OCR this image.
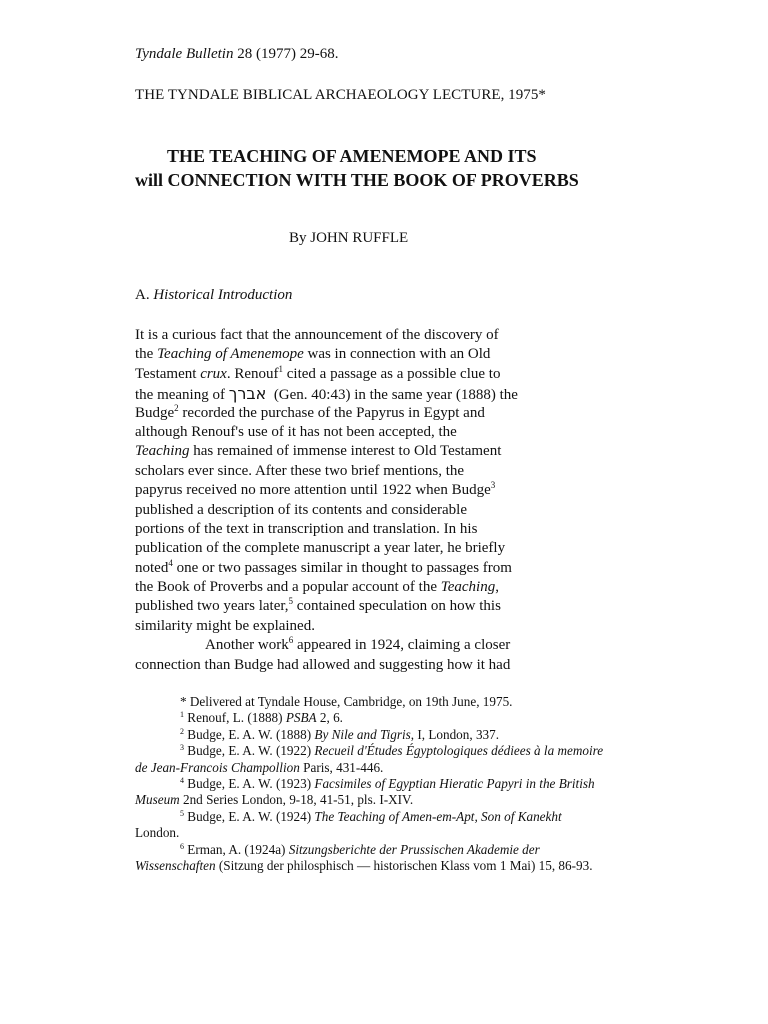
Tyndale Bulletin 28 (1977) 29-68.
THE TYNDALE BIBLICAL ARCHAEOLOGY LECTURE, 1975*
THE TEACHING OF AMENEMOPE AND ITS
will CONNECTION WITH THE BOOK OF PROVERBS
By JOHN RUFFLE
A. Historical Introduction
It is a curious fact that the announcement of the discovery of
the Teaching of Amenemope was in connection with an Old
Testament crux. Renouf$^1$ cited a passage as a possible clue to
the meaning of אברך  (Gen. 40:43) in the same year (1888) the
Budge$^2$ recorded the purchase of the Papyrus in Egypt and
although Renouf's use of it has not been accepted, the
Teaching has remained of immense interest to Old Testament
scholars ever since. After these two brief mentions, the
papyrus received no more attention until 1922 when Budge$^3$
published a description of its contents and considerable
portions of the text in transcription and translation. In his
publication of the complete manuscript a year later, he briefly
noted$^4$ one or two passages similar in thought to passages from
the Book of Proverbs and a popular account of the Teaching,
published two years later,$^5$ contained speculation on how this
similarity might be explained.
Another work$^6$ appeared in 1924, claiming a closer
connection than Budge had allowed and suggesting how it had
* Delivered at Tyndale House, Cambridge, on 19th June, 1975.
$^1$ Renouf, L. (1888) PSBA 2, 6.
$^2$ Budge, E. A. W. (1888) By Nile and Tigris, I, London, 337.
$^3$ Budge, E. A. W. (1922) Recueil d'Études Égyptologiques dédiees à la memoire
de Jean-Francois Champollion Paris, 431-446.
$^4$ Budge, E. A. W. (1923) Facsimiles of Egyptian Hieratic Papyri in the British
Museum 2nd Series London, 9-18, 41-51, pls. I-XIV.
$^5$ Budge, E. A. W. (1924) The Teaching of Amen-em-Apt, Son of Kanekht
London.
$^6$ Erman, A. (1924a) Sitzungsberichte der Prussischen Akademie der
Wissenschaften (Sitzung der philosphisch — historischen Klass vom 1 Mai) 15, 86-93.
